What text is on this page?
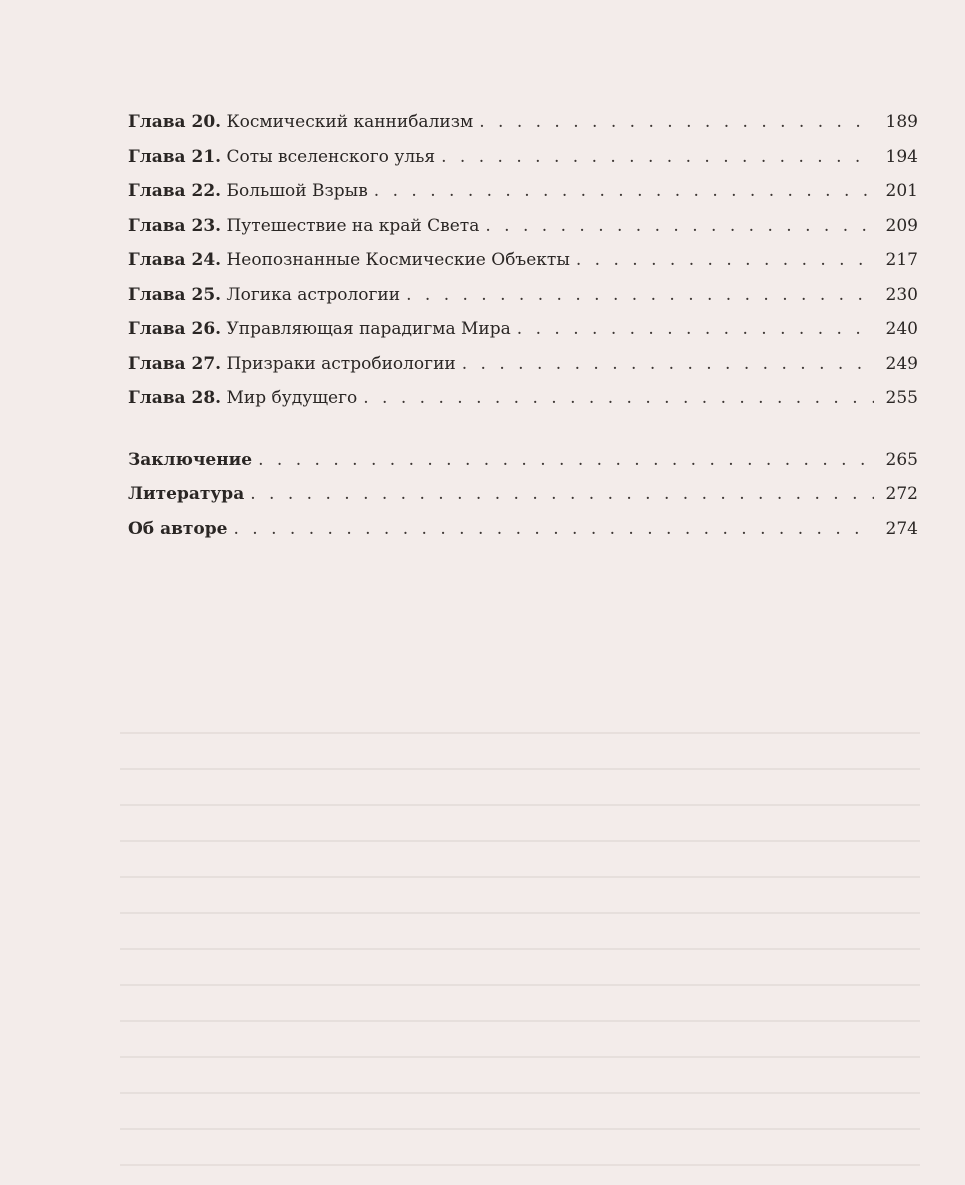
Глава 20. Космический каннибализм . . .	189
Глава 21. Соты вселенского улья . . .	194
Глава 22. Большой Взрыв . . .	201
Глава 23. Путешествие на край Света . . .	209
Глава 24. Неопознанные Космические Объекты . . .	217
Глава 25. Логика астрологии . . .	230
Глава 26. Управляющая парадигма Мира . . .	240
Глава 27. Призраки астробиологии . . .	249
Глава 28. Мир будущего . . .	255
Заключение . . .	265
Литература . . .	272
Об авторе . . .	274
